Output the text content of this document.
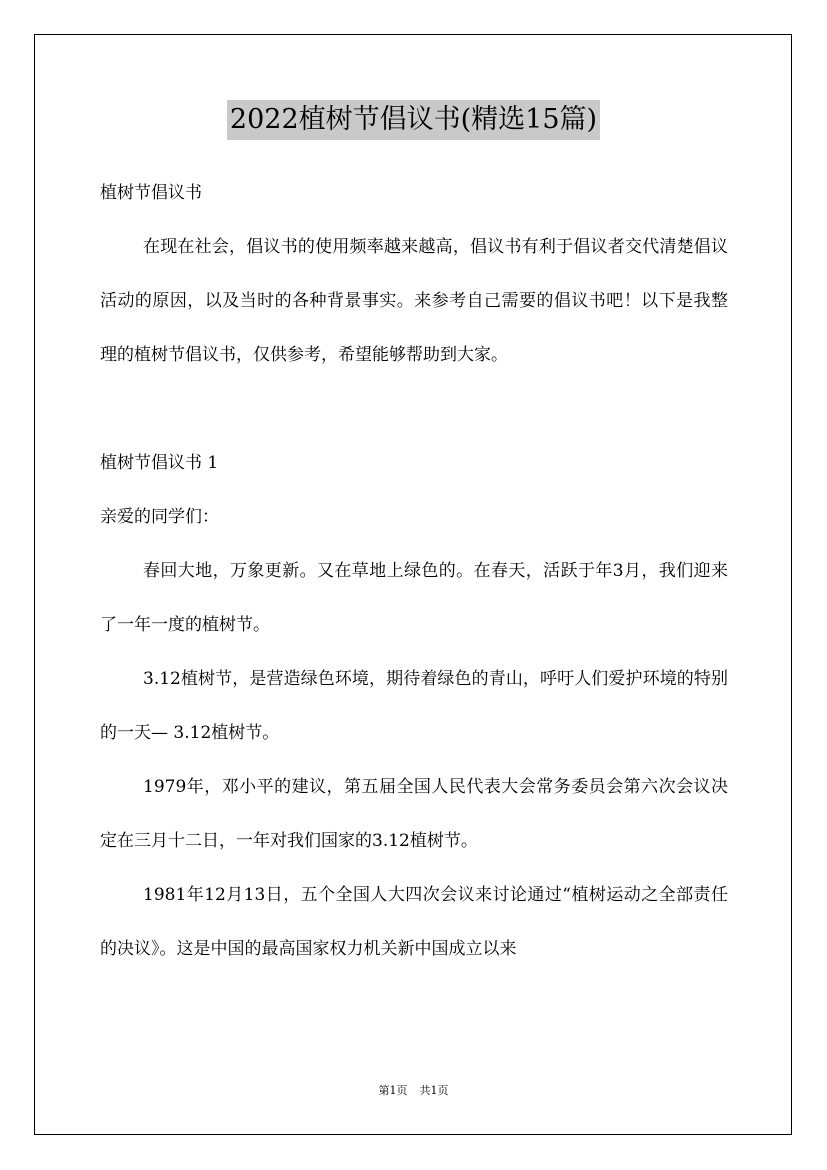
2022植树节倡议书(精选15篇)

植树节倡议书

在现在社会，倡议书的使用频率越来越高，倡议书有利于倡议者交代清楚倡议活动的原因，以及当时的各种背景事实。来参考自己需要的倡议书吧！以下是我整理的植树节倡议书，仅供参考，希望能够帮助到大家。

植树节倡议书 1

亲爱的同学们：

春回大地，万象更新。又在草地上绿色的。在春天，活跃于年3月，我们迎来了一年一度的植树节。

3.12植树节，是营造绿色环境，期待着绿色的青山，呼吁人们爱护环境的特别的一天— 3.12植树节。

1979年，邓小平的建议，第五届全国人民代表大会常务委员会第六次会议决定在三月十二日，一年对我们国家的3.12植树节。

1981年12月13日，五个全国人大四次会议来讨论通过“植树运动之全部责任的决议》。这是中国的最高国家权力机关新中国成立以来

第1页 共1页
